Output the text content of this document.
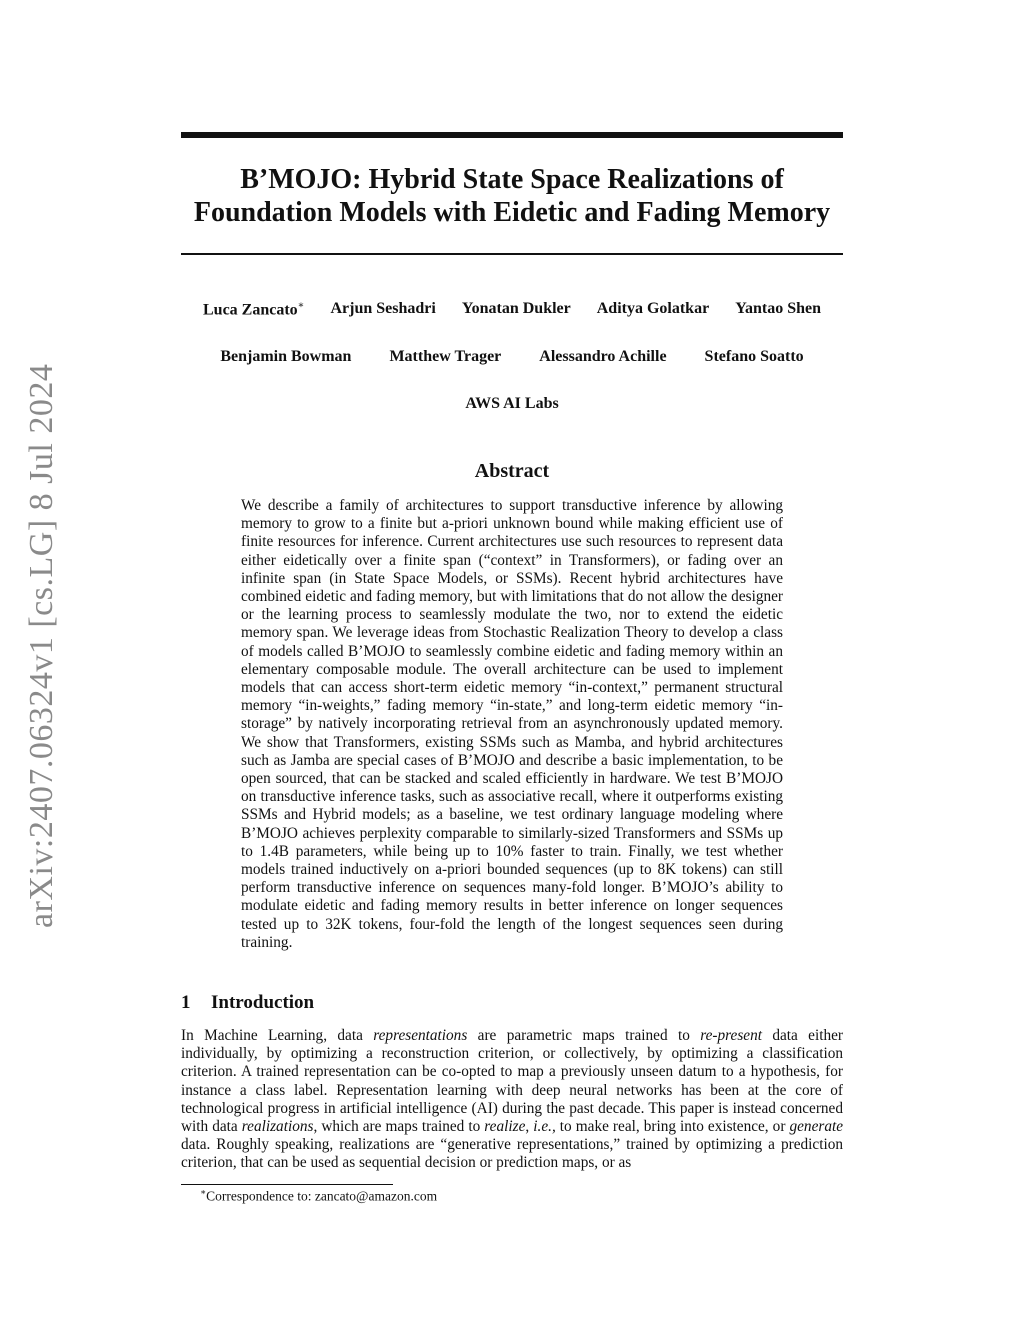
arXiv:2407.06324v1 [cs.LG] 8 Jul 2024
B’MOJO: Hybrid State Space Realizations of
Foundation Models with Eidetic and Fading Memory
Luca Zancato∗ Arjun Seshadri Yonatan Dukler Aditya Golatkar Yantao Shen
Benjamin Bowman Matthew Trager Alessandro Achille Stefano Soatto
AWS AI Labs
Abstract
We describe a family of architectures to support transductive inference by allowing memory to grow to a finite but a-priori unknown bound while making efficient use of finite resources for inference. Current architectures use such resources to represent data either eidetically over a finite span (“context” in Transformers), or fading over an infinite span (in State Space Models, or SSMs). Recent hybrid architectures have combined eidetic and fading memory, but with limitations that do not allow the designer or the learning process to seamlessly modulate the two, nor to extend the eidetic memory span. We leverage ideas from Stochastic Realization Theory to develop a class of models called B’MOJO to seamlessly combine eidetic and fading memory within an elementary composable module. The overall architecture can be used to implement models that can access short-term eidetic memory “in-context,” permanent structural memory “in-weights,” fading memory “in-state,” and long-term eidetic memory “in-storage” by natively incorporating retrieval from an asynchronously updated memory. We show that Transformers, existing SSMs such as Mamba, and hybrid architectures such as Jamba are special cases of B’MOJO and describe a basic implementation, to be open sourced, that can be stacked and scaled efficiently in hardware. We test B’MOJO on transductive inference tasks, such as associative recall, where it outperforms existing SSMs and Hybrid models; as a baseline, we test ordinary language modeling where B’MOJO achieves perplexity comparable to similarly-sized Transformers and SSMs up to 1.4B parameters, while being up to 10% faster to train. Finally, we test whether models trained inductively on a-priori bounded sequences (up to 8K tokens) can still perform transductive inference on sequences many-fold longer. B’MOJO’s ability to modulate eidetic and fading memory results in better inference on longer sequences tested up to 32K tokens, four-fold the length of the longest sequences seen during training.
1 Introduction
In Machine Learning, data representations are parametric maps trained to re-present data either individually, by optimizing a reconstruction criterion, or collectively, by optimizing a classification criterion. A trained representation can be co-opted to map a previously unseen datum to a hypothesis, for instance a class label. Representation learning with deep neural networks has been at the core of technological progress in artificial intelligence (AI) during the past decade. This paper is instead concerned with data realizations, which are maps trained to realize, i.e., to make real, bring into existence, or generate data. Roughly speaking, realizations are “generative representations,” trained by optimizing a prediction criterion, that can be used as sequential decision or prediction maps, or as
∗Correspondence to: zancato@amazon.com
